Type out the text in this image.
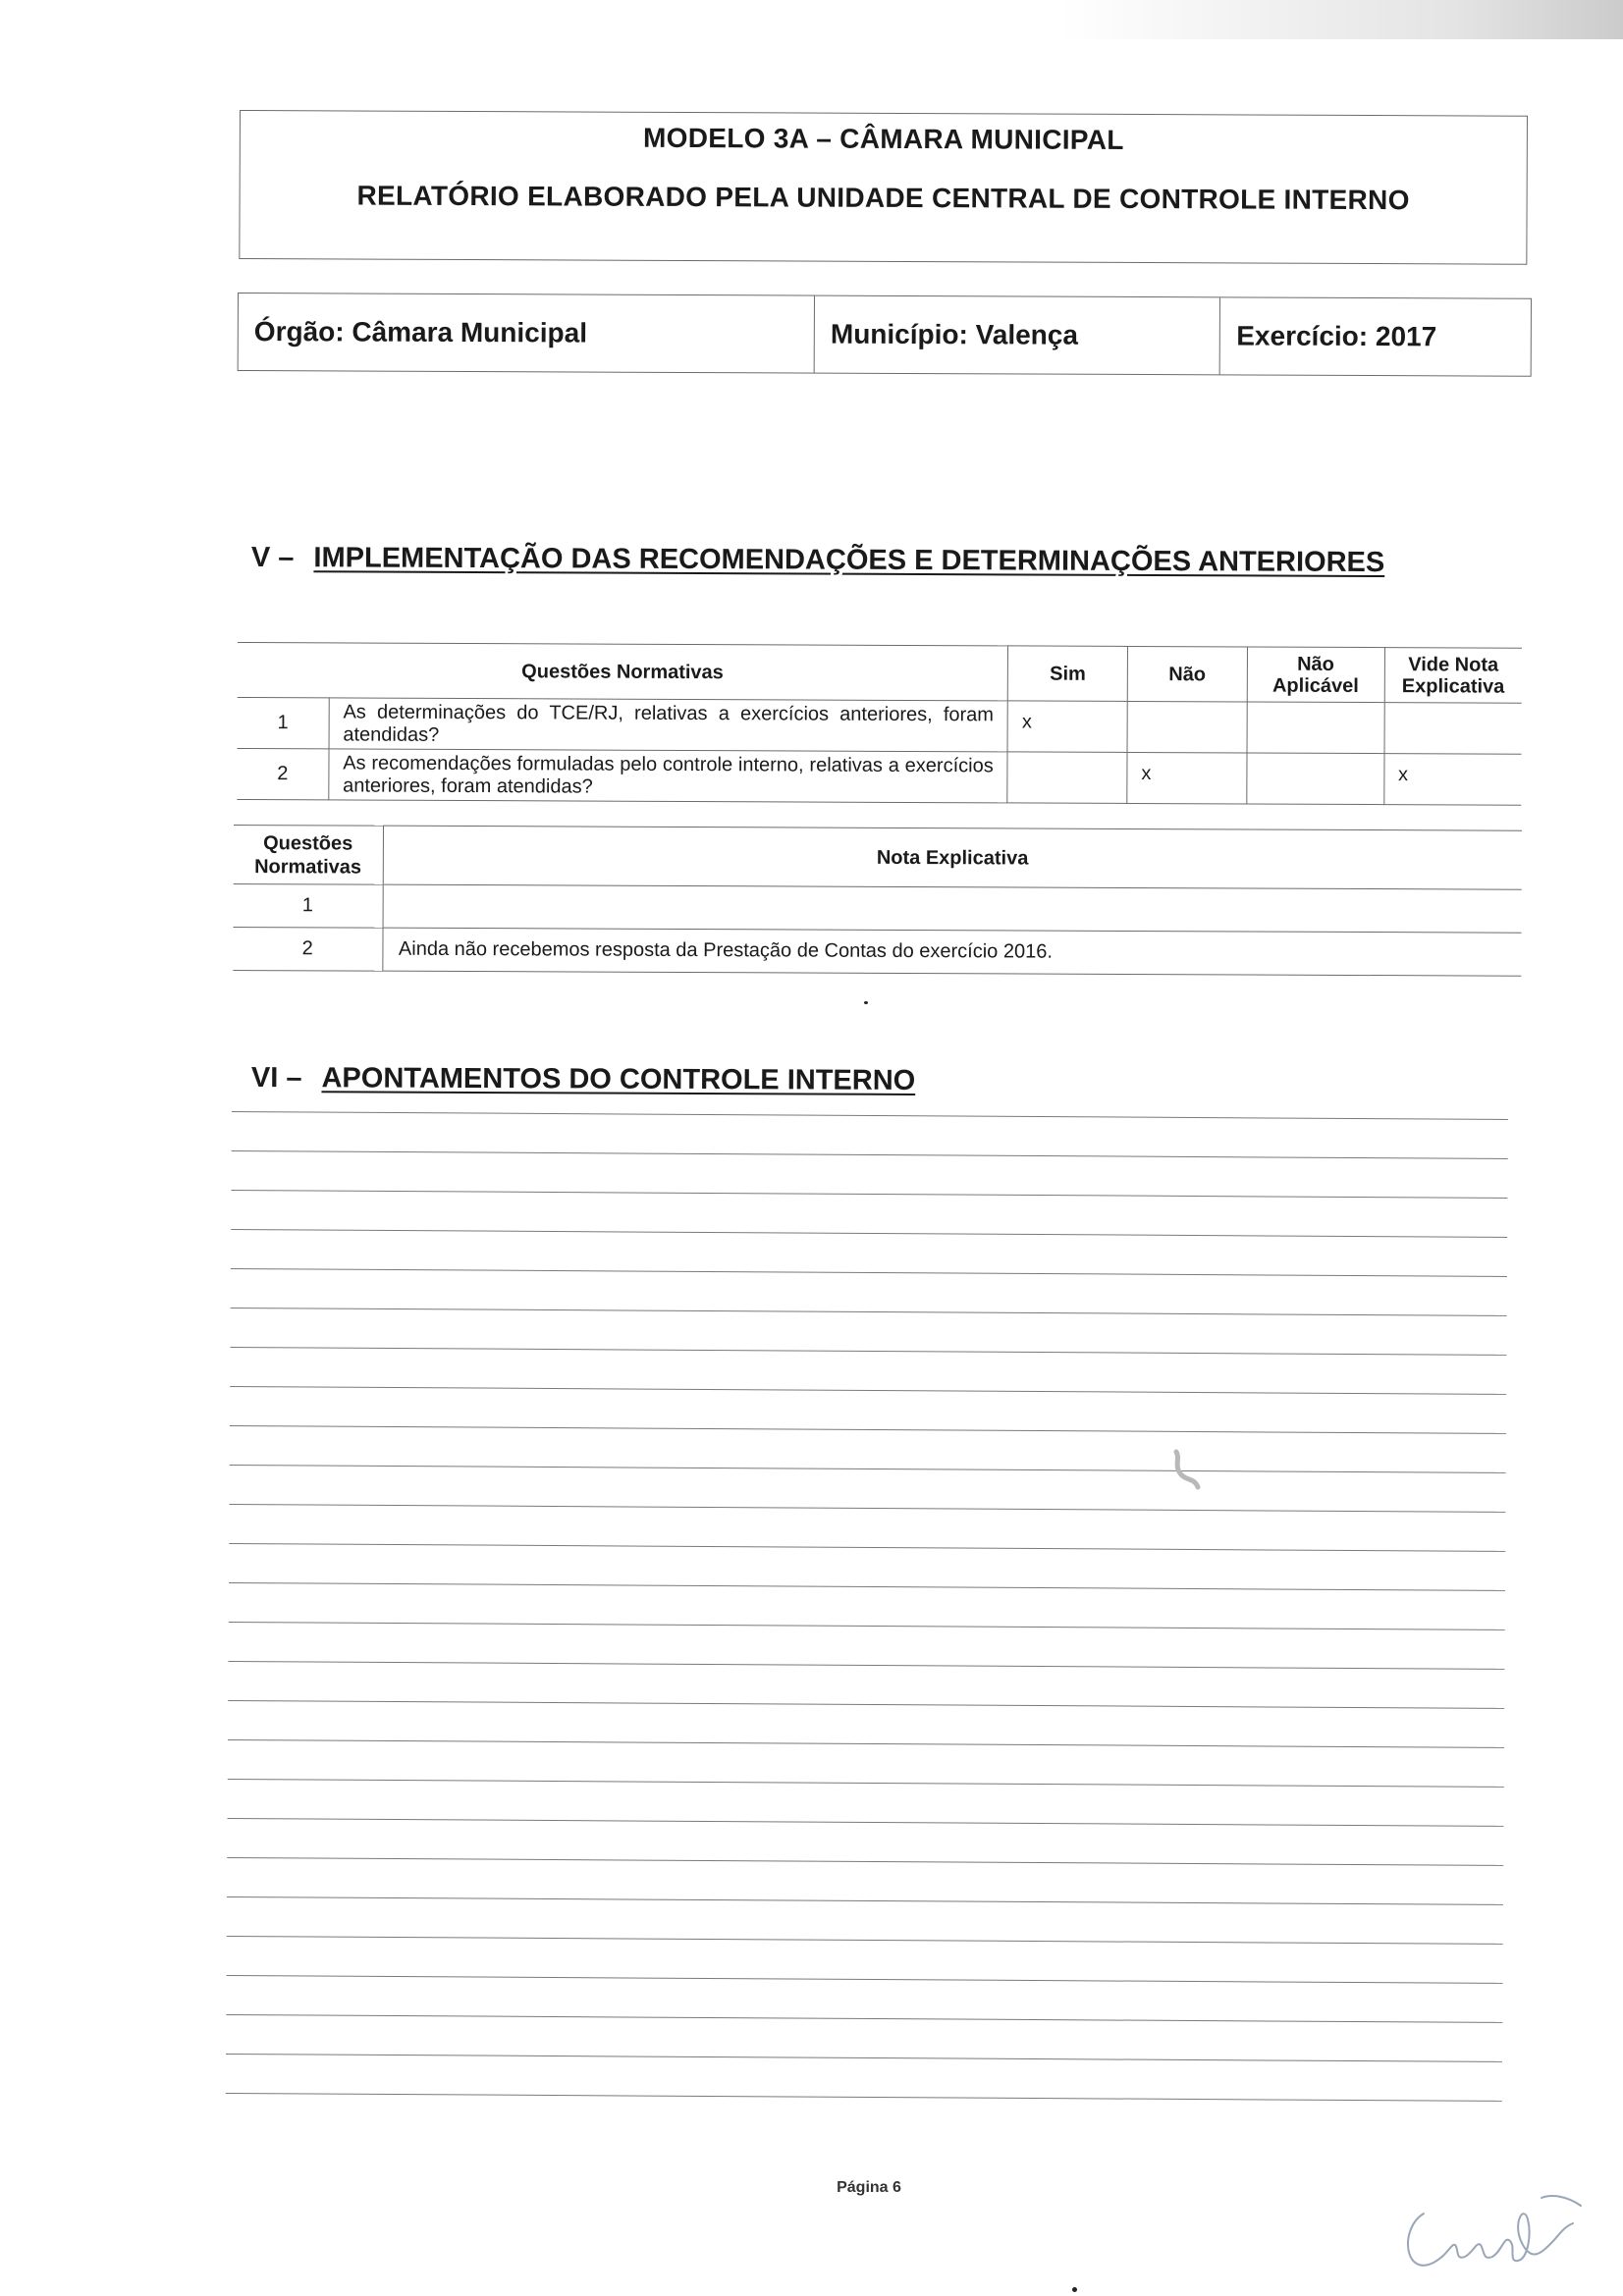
MODELO 3A – CÂMARA MUNICIPAL
RELATÓRIO ELABORADO PELA UNIDADE CENTRAL DE CONTROLE INTERNO
Órgão: Câmara Municipal	Município: Valença	Exercício: 2017
V – IMPLEMENTAÇÃO DAS RECOMENDAÇÕES E DETERMINAÇÕES ANTERIORES
Questões Normativas		Sim	Não	Não Aplicável	Vide Nota Explicativa
1	As determinações do TCE/RJ, relativas a exercícios anteriores, foram atendidas?	x			
2	As recomendações formuladas pelo controle interno, relativas a exercícios anteriores, foram atendidas?		x		x
Questões Normativas	Nota Explicativa
1	
2	Ainda não recebemos resposta da Prestação de Contas do exercício 2016.
VI – APONTAMENTOS DO CONTROLE INTERNO
Página 6
